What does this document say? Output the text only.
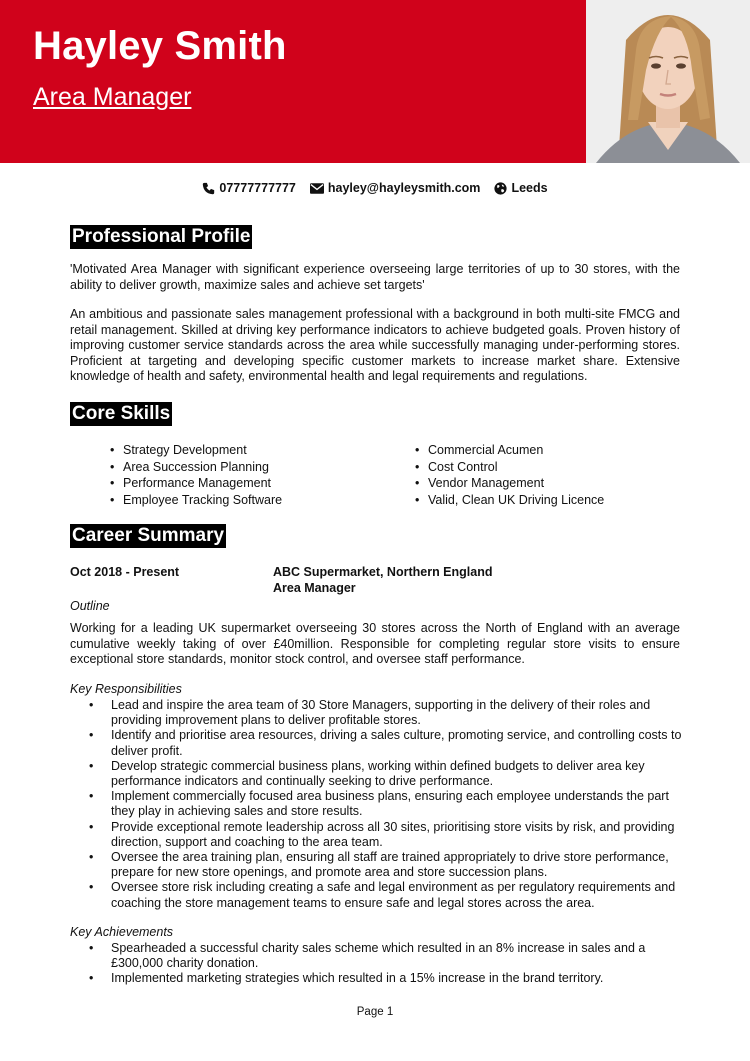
Hayley Smith
Area Manager
07777777777	hayley@hayleysmith.com Leeds
Professional Profile

'Motivated Area Manager with significant experience overseeing large territories of up to 30 stores, with the ability to deliver growth, maximize sales and achieve set targets'

An ambitious and passionate sales management professional with a background in both multi-site FMCG and retail management. Skilled at driving key performance indicators to achieve budgeted goals. Proven history of improving customer service standards across the area while successfully managing under-performing stores. Proficient at targeting and developing specific customer markets to increase market share. Extensive knowledge of health and safety, environmental health and legal requirements and regulations.

Core Skills
• Strategy Development
• Area Succession Planning
• Performance Management
• Employee Tracking Software
• Commercial Acumen
• Cost Control
• Vendor Management
• Valid, Clean UK Driving Licence
Career Summary
Oct 2018 - Present	ABC Supermarket, Northern England
Area Manager
Outline

Working for a leading UK supermarket overseeing 30 stores across the North of England with an average cumulative weekly taking of over £40million. Responsible for completing regular store visits to ensure exceptional store standards, monitor stock control, and oversee staff performance.

Key Responsibilities
• Lead and inspire the area team of 30 Store Managers, supporting in the delivery of their roles and providing improvement plans to deliver profitable stores.
• Identify and prioritise area resources, driving a sales culture, promoting service, and controlling costs to deliver profit.
• Develop strategic commercial business plans, working within defined budgets to deliver area key performance indicators and continually seeking to drive performance.
• Implement commercially focused area business plans, ensuring each employee understands the part they play in achieving sales and store results.
• Provide exceptional remote leadership across all 30 sites, prioritising store visits by risk, and providing direction, support and coaching to the area team.
• Oversee the area training plan, ensuring all staff are trained appropriately to drive store performance, prepare for new store openings, and promote area and store succession plans.
• Oversee store risk including creating a safe and legal environment as per regulatory requirements and coaching the store management teams to ensure safe and legal stores across the area.
Key Achievements
• Spearheaded a successful charity sales scheme which resulted in an 8% increase in sales and a £300,000 charity donation.
• Implemented marketing strategies which resulted in a 15% increase in the brand territory.
Page 1
